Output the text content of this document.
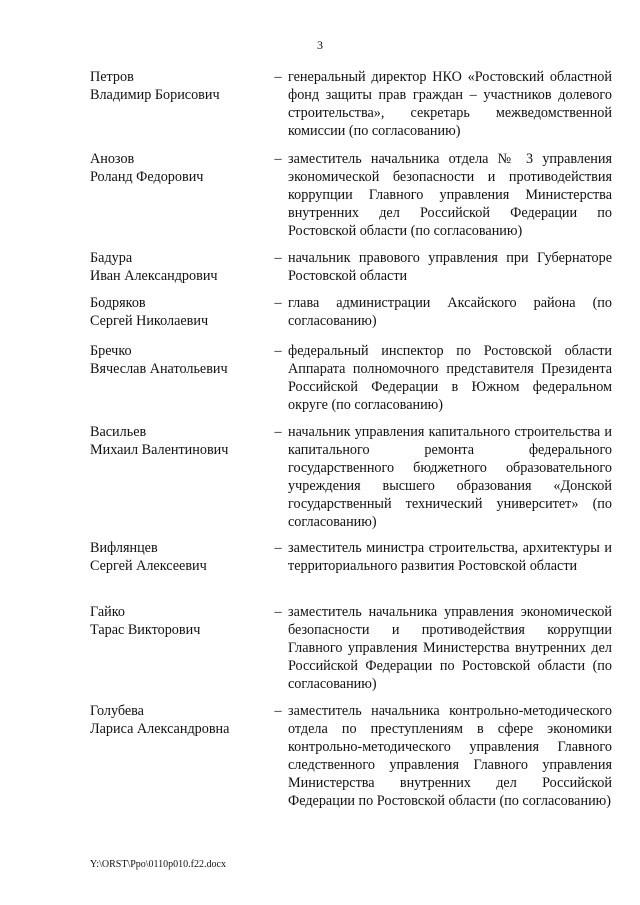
3
Петров
Владимир Борисович
– генеральный директор НКО «Ростовский областной фонд защиты прав граждан – участников долевого строительства», секретарь межведомственной комиссии (по согласованию)
Анозов
Роланд Федорович
– заместитель начальника отдела № 3 управления экономической безопасности и противодействия коррупции Главного управления Министерства внутренних дел Российской Федерации по Ростовской области (по согласованию)
Бадура
Иван Александрович
– начальник правового управления при Губернаторе Ростовской области
Бодряков
Сергей Николаевич
– глава администрации Аксайского района (по согласованию)
Бречко
Вячеслав Анатольевич
– федеральный инспектор по Ростовской области Аппарата полномочного представителя Президента Российской Федерации в Южном федеральном округе (по согласованию)
Васильев
Михаил Валентинович
– начальник управления капитального строительства и капитального ремонта федерального государственного бюджетного образовательного учреждения высшего образования «Донской государственный технический университет» (по согласованию)
Вифлянцев
Сергей Алексеевич
– заместитель министра строительства, архитектуры и территориального развития Ростовской области
Гайко
Тарас Викторович
– заместитель начальника управления экономической безопасности и противодействия коррупции Главного управления Министерства внутренних дел Российской Федерации по Ростовской области (по согласованию)
Голубева
Лариса Александровна
– заместитель начальника контрольно-методического отдела по преступлениям в сфере экономики контрольно-методического управления Главного следственного управления Главного управления Министерства внутренних дел Российской Федерации по Ростовской области (по согласованию)
Y:\ORST\Ppo\0110p010.f22.docx
